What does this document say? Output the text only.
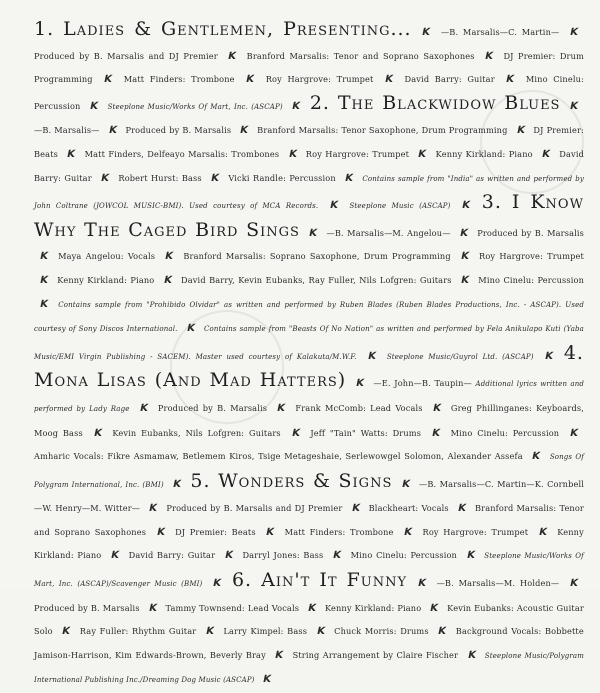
1. Ladies & Gentlemen, Presenting... K —B. Marsalis—C. Martin— K Produced by B. Marsalis and DJ Premier K Branford Marsalis: Tenor and Soprano Saxophones K DJ Premier: Drum Programming K Matt Finders: Trombone K Roy Hargrove: Trumpet K David Barry: Guitar K Mino Cinelu: Percussion K Steeplone Music/Works Of Mart, Inc. (ASCAP) K 2. The Blackwidow Blues K —B. Marsalis— K Produced by B. Marsalis K Branford Marsalis: Tenor Saxophone, Drum Programming K DJ Premier: Beats K Matt Finders, Delfeayo Marsalis: Trombones K Roy Hargrove: Trumpet K Kenny Kirkland: Piano K David Barry: Guitar K Robert Hurst: Bass K Vicki Randle: Percussion K Contains sample from "India" as written and performed by John Coltrane (JOWCOL MUSIC-BMI). Used courtesy of MCA Records. K Steeplone Music (ASCAP) K 3. I Know Why The Caged Bird Sings K —B. Marsalis—M. Angelou— K Produced by B. Marsalis K Maya Angelou: Vocals K Branford Marsalis: Soprano Saxophone, Drum Programming K Roy Hargrove: Trumpet K Kenny Kirkland: Piano K David Barry, Kevin Eubanks, Ray Fuller, Nils Lofgren: Guitars K Mino Cinelu: Percussion K Contains sample from "Prohibido Olvidar" as written and performed by Ruben Blades (Ruben Blades Productions, Inc. - ASCAP). Used courtesy of Sony Discos International. K Contains sample from "Beasts Of No Nation" as written and performed by Fela Anikulapo Kuti (Yaba Music/EMI Virgin Publishing - SACEM). Master used courtesy of Kalakuta/M.W.F. K Steeplone Music/Guyrol Ltd. (ASCAP) K 4. Mona Lisas (And Mad Hatters) K —E. John—B. Taupin— Additional lyrics written and performed by Lady Rage K Produced by B. Marsalis K Frank McComb: Lead Vocals K Greg Phillinganes: Keyboards, Moog Bass K Kevin Eubanks, Nils Lofgren: Guitars K Jeff "Tain" Watts: Drums K Mino Cinelu: Percussion K Amharic Vocals: Fikre Asmamaw, Betlemem Kiros, Tsige Metageshaie, Serlewowgel Solomon, Alexander Assefa K Songs Of Polygram International, Inc. (BMI) K 5. Wonders & Signs K —B. Marsalis—C. Martin—K. Cornbell—W. Henry—M. Witter— K Produced by B. Marsalis and DJ Premier K Blackheart: Vocals K Branford Marsalis: Tenor and Soprano Saxophones K DJ Premier: Beats K Matt Finders: Trombone K Roy Hargrove: Trumpet K Kenny Kirkland: Piano K David Barry: Guitar K Darryl Jones: Bass K Mino Cinelu: Percussion K Steeplone Music/Works Of Mart, Inc. (ASCAP)/Scavenger Music (BMI) K 6. Ain't It Funny K —B. Marsalis—M. Holden— K Produced by B. Marsalis K Tammy Townsend: Lead Vocals K Kenny Kirkland: Piano K Kevin Eubanks: Acoustic Guitar Solo K Ray Fuller: Rhythm Guitar K Larry Kimpel: Bass K Chuck Morris: Drums K Background Vocals: Bobbette Jamison-Harrison, Kim Edwards-Brown, Beverly Bray K String Arrangement by Claire Fischer K Steeplone Music/Polygram International Publishing Inc./Dreaming Dog Music (ASCAP) K
